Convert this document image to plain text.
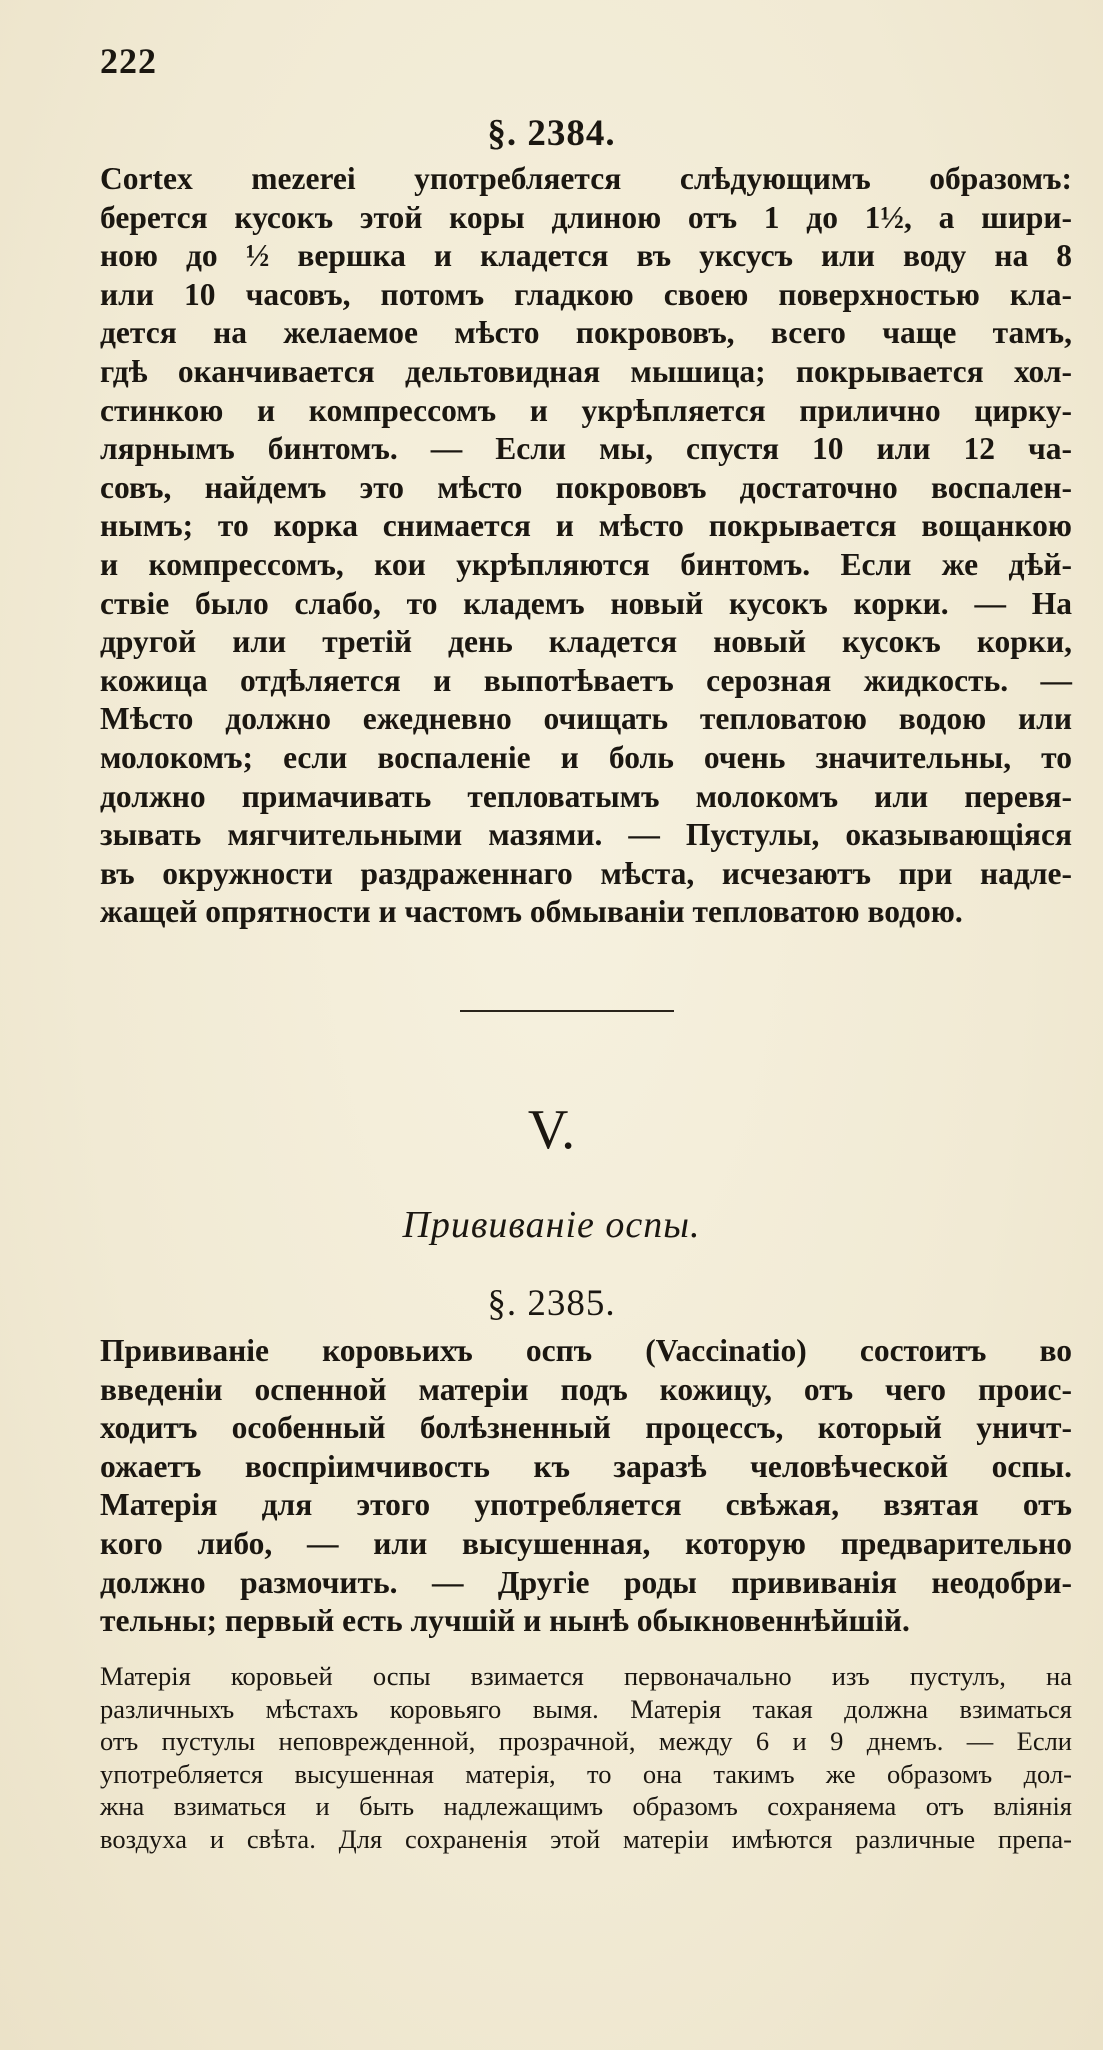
222
§. 2384.
Cortex mezerei употребляется слѣдующимъ образомъ:
берется кусокъ этой коры длиною отъ 1 до 1½, а шири-
ною до ½ вершка и кладется въ уксусъ или воду на 8
или 10 часовъ, потомъ гладкою своею поверхностью кла-
дется на желаемое мѣсто покрововъ, всего чаще тамъ,
гдѣ оканчивается дельтовидная мышица; покрывается хол-
стинкою и компрессомъ и укрѣпляется прилично цирку-
лярнымъ бинтомъ. — Если мы, спустя 10 или 12 ча-
совъ, найдемъ это мѣсто покрововъ достаточно воспален-
нымъ; то корка снимается и мѣсто покрывается вощанкою
и компрессомъ, кои укрѣпляются бинтомъ. Если же дѣй-
ствіе было слабо, то кладемъ новый кусокъ корки. — На
другой или третій день кладется новый кусокъ корки,
кожица отдѣляется и выпотѣваетъ серозная жидкость. —
Мѣсто должно ежедневно очищать тепловатою водою или
молокомъ; если воспаленіе и боль очень значительны, то
должно примачивать тепловатымъ молокомъ или перевя-
зывать мягчительными мазями. — Пустулы, оказывающіяся
въ окружности раздраженнаго мѣста, исчезаютъ при надле-
жащей опрятности и частомъ обмываніи тепловатою водою.
V.
Прививаніе оспы.
§. 2385.
Прививаніе коровьихъ оспъ (Vaccinatio) состоитъ во
введеніи оспенной матеріи подъ кожицу, отъ чего проис-
ходитъ особенный болѣзненный процессъ, который уничт-
ожаетъ воспріимчивость къ заразѣ человѣческой оспы.
Матерія для этого употребляется свѣжая, взятая отъ
кого либо, — или высушенная, которую предварительно
должно размочить. — Другіе роды прививанія неодобри-
тельны; первый есть лучшій и нынѣ обыкновеннѣйшій.
Матерія коровьей оспы взимается первоначально изъ пустулъ, на
различныхъ мѣстахъ коровьяго вымя. Матерія такая должна взиматься
отъ пустулы неповрежденной, прозрачной, между 6 и 9 днемъ. — Если
употребляется высушенная матерія, то она такимъ же образомъ дол-
жна взиматься и быть надлежащимъ образомъ сохраняема отъ вліянія
воздуха и свѣта. Для сохраненія этой матеріи имѣются различные препа-
